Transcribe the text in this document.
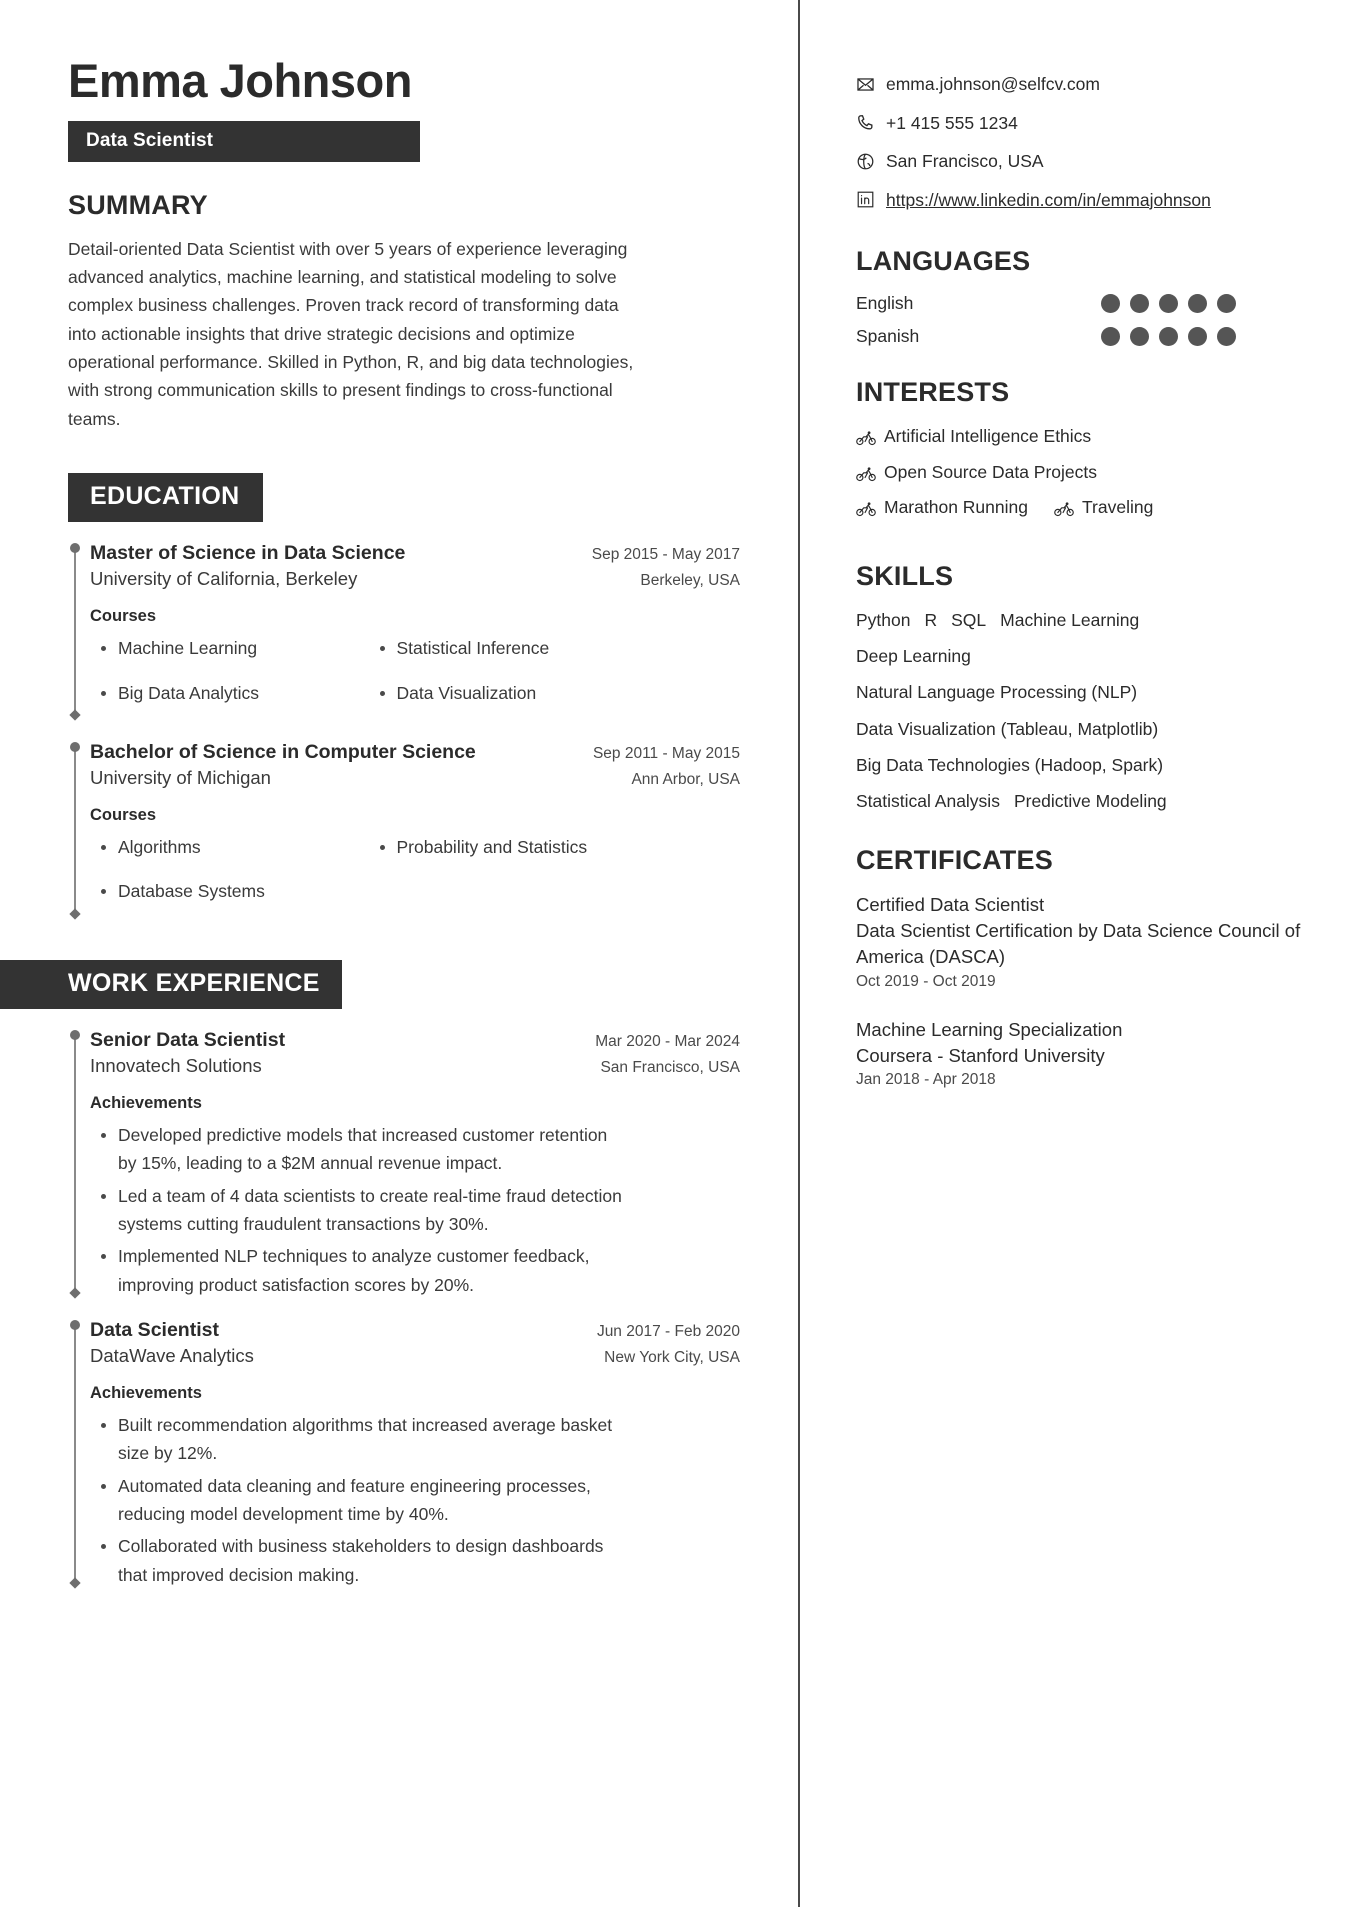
Emma Johnson
Data Scientist
SUMMARY
Detail-oriented Data Scientist with over 5 years of experience leveraging advanced analytics, machine learning, and statistical modeling to solve complex business challenges. Proven track record of transforming data into actionable insights that drive strategic decisions and optimize operational performance. Skilled in Python, R, and big data technologies, with strong communication skills to present findings to cross-functional teams.
EDUCATION
Master of Science in Data Science	Sep 2015 - May 2017
University of California, Berkeley	Berkeley, USA
Courses
Machine Learning	Statistical Inference
Big Data Analytics	Data Visualization
Bachelor of Science in Computer Science	Sep 2011 - May 2015
University of Michigan	Ann Arbor, USA
Courses
Algorithms	Probability and Statistics
Database Systems
WORK EXPERIENCE
Senior Data Scientist	Mar 2020 - Mar 2024
Innovatech Solutions	San Francisco, USA
Achievements
Developed predictive models that increased customer retention by 15%, leading to a $2M annual revenue impact.
Led a team of 4 data scientists to create real-time fraud detection systems cutting fraudulent transactions by 30%.
Implemented NLP techniques to analyze customer feedback, improving product satisfaction scores by 20%.
Data Scientist	Jun 2017 - Feb 2020
DataWave Analytics	New York City, USA
Achievements
Built recommendation algorithms that increased average basket size by 12%.
Automated data cleaning and feature engineering processes, reducing model development time by 40%.
Collaborated with business stakeholders to design dashboards that improved decision making.
emma.johnson@selfcv.com
+1 415 555 1234
San Francisco, USA
https://www.linkedin.com/in/emmajohnson
LANGUAGES
English
Spanish
INTERESTS
Artificial Intelligence Ethics
Open Source Data Projects
Marathon Running	Traveling
SKILLS
Python R SQL Machine Learning
Deep Learning
Natural Language Processing (NLP)
Data Visualization (Tableau, Matplotlib)
Big Data Technologies (Hadoop, Spark)
Statistical Analysis Predictive Modeling
CERTIFICATES
Certified Data Scientist
Data Scientist Certification by Data Science Council of America (DASCA)
Oct 2019 - Oct 2019
Machine Learning Specialization
Coursera - Stanford University
Jan 2018 - Apr 2018
